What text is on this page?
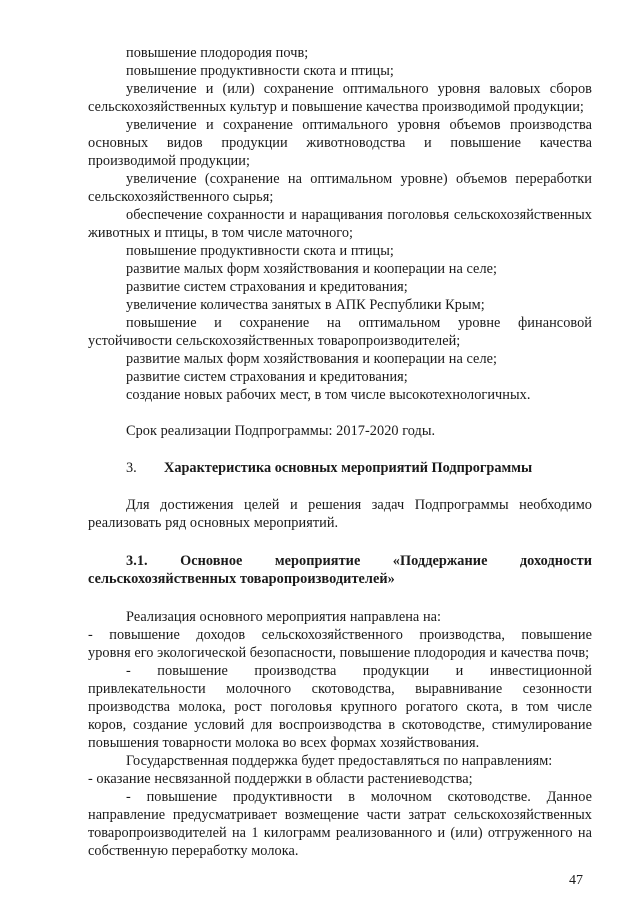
повышение плодородия почв;
повышение продуктивности скота и птицы;
увеличение и (или) сохранение оптимального уровня валовых сборов
сельскохозяйственных культур и повышение качества производимой продукции;
увеличение и сохранение оптимального уровня объемов производства
основных видов продукции животноводства и повышение качества
производимой продукции;
увеличение (сохранение на оптимальном уровне) объемов переработки
сельскохозяйственного сырья;
обеспечение сохранности и наращивания поголовья сельскохозяйственных
животных и птицы, в том числе маточного;
повышение продуктивности скота и птицы;
развитие малых форм хозяйствования и кооперации на селе;
развитие систем страхования и кредитования;
увеличение количества занятых в АПК Республики Крым;
повышение и сохранение на оптимальном уровне финансовой
устойчивости сельскохозяйственных товаропроизводителей;
развитие малых форм хозяйствования и кооперации на селе;
развитие систем страхования и кредитования;
создание новых рабочих мест, в том числе высокотехнологичных.
Срок реализации Подпрограммы: 2017-2020 годы.
3. Характеристика основных мероприятий Подпрограммы
Для достижения целей и решения задач Подпрограммы необходимо
реализовать ряд основных мероприятий.
3.1. Основное мероприятие «Поддержание доходности
сельскохозяйственных товаропроизводителей»
Реализация основного мероприятия направлена на:
- повышение доходов сельскохозяйственного производства, повышение
уровня его экологической безопасности, повышение плодородия и качества почв;
- повышение производства продукции и инвестиционной
привлекательности молочного скотоводства, выравнивание сезонности
производства молока, рост поголовья крупного рогатого скота, в том числе
коров, создание условий для воспроизводства в скотоводстве, стимулирование
повышения товарности молока во всех формах хозяйствования.
Государственная поддержка будет предоставляться по направлениям:
- оказание несвязанной поддержки в области растениеводства;
- повышение продуктивности в молочном скотоводстве. Данное
направление предусматривает возмещение части затрат сельскохозяйственных
товаропроизводителей на 1 килограмм реализованного и (или) отгруженного на
собственную переработку молока.
47
